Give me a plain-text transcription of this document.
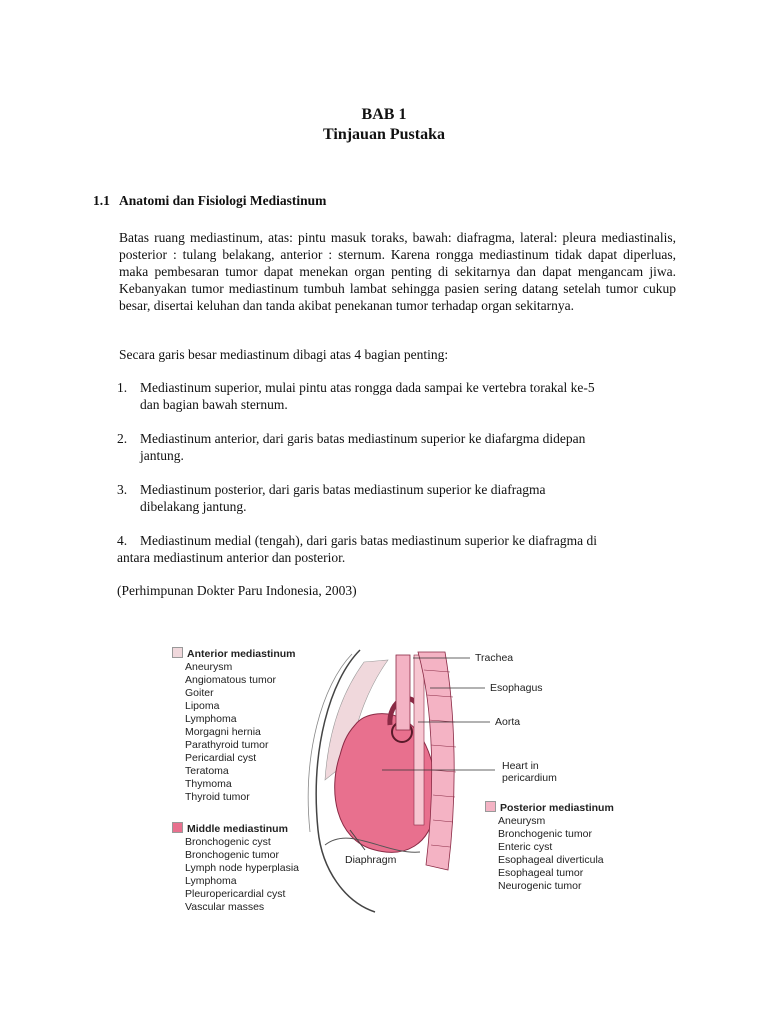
BAB 1
Tinjauan Pustaka
1.1 Anatomi dan Fisiologi Mediastinum
Batas ruang mediastinum, atas: pintu masuk toraks, bawah: diafragma, lateral: pleura mediastinalis, posterior : tulang belakang, anterior : sternum. Karena rongga mediastinum tidak dapat diperluas, maka pembesaran tumor dapat menekan organ penting di sekitarnya dan dapat mengancam jiwa. Kebanyakan tumor mediastinum tumbuh lambat sehingga pasien sering datang setelah tumor cukup besar, disertai keluhan dan tanda akibat penekanan tumor terhadap organ sekitarnya.
Secara garis besar mediastinum dibagi atas 4 bagian penting:
1. Mediastinum superior, mulai pintu atas rongga dada sampai ke vertebra torakal ke-5
dan bagian bawah sternum.
2. Mediastinum anterior, dari garis batas mediastinum superior ke diafargma didepan
jantung.
3. Mediastinum posterior, dari garis batas mediastinum superior ke diafragma
dibelakang jantung.
4. Mediastinum medial (tengah), dari garis batas mediastinum superior ke diafragma di
antara mediastinum anterior dan posterior.
(Perhimpunan Dokter Paru Indonesia, 2003)
Anterior mediastinum
Aneurysm
Angiomatous tumor
Goiter
Lipoma
Lymphoma
Morgagni hernia
Parathyroid tumor
Pericardial cyst
Teratoma
Thymoma
Thyroid tumor
Middle mediastinum
Bronchogenic cyst
Bronchogenic tumor
Lymph node hyperplasia
Lymphoma
Pleuropericardial cyst
Vascular masses
Posterior mediastinum
Aneurysm
Bronchogenic tumor
Enteric cyst
Esophageal diverticula
Esophageal tumor
Neurogenic tumor
Trachea
Esophagus
Aorta
Heart in
pericardium
Diaphragm
